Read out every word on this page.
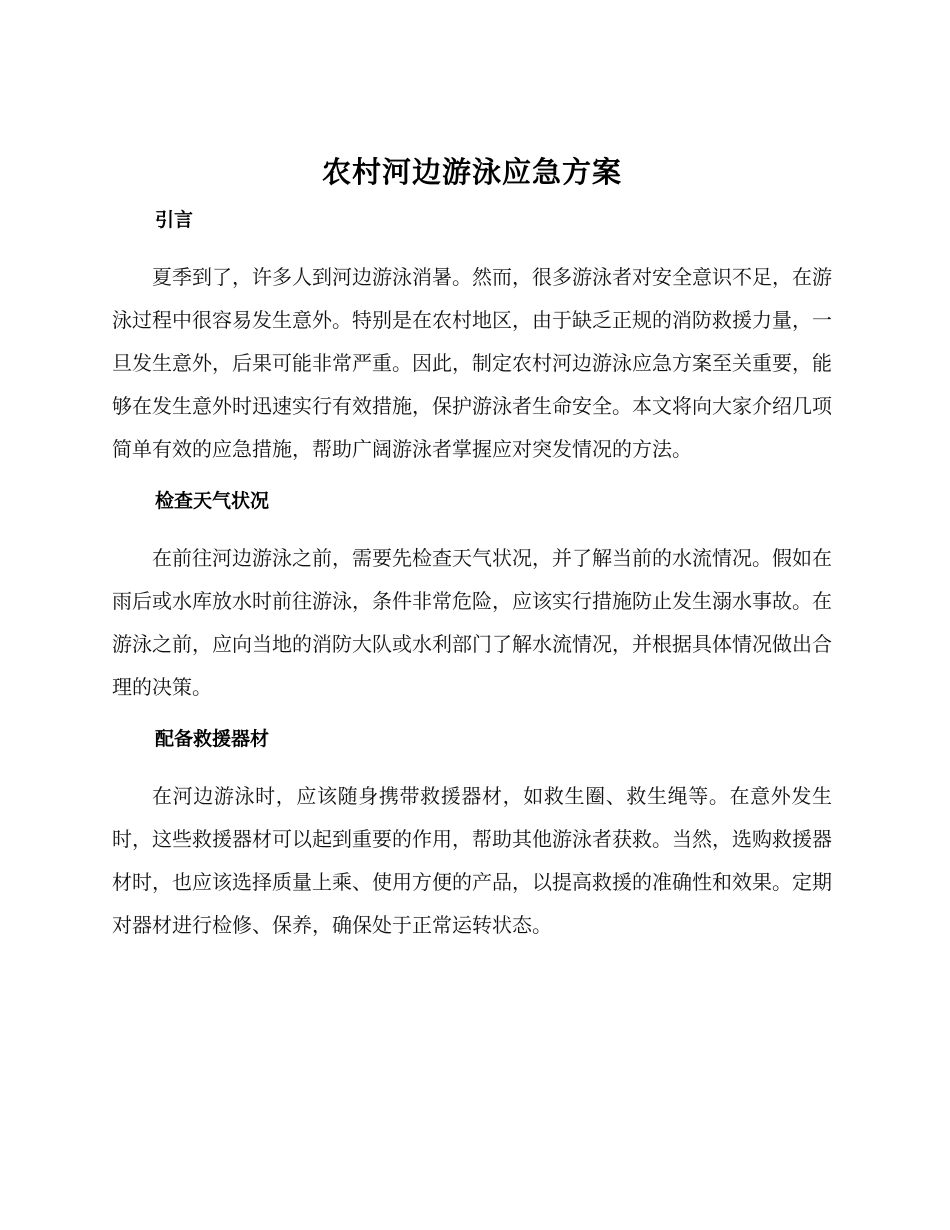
农村河边游泳应急方案
引言

夏季到了，许多人到河边游泳消暑。然而，很多游泳者对安全意识不足，在游泳过程中很容易发生意外。特别是在农村地区，由于缺乏正规的消防救援力量，一旦发生意外，后果可能非常严重。因此，制定农村河边游泳应急方案至关重要，能够在发生意外时迅速实行有效措施，保护游泳者生命安全。本文将向大家介绍几项简单有效的应急措施，帮助广阔游泳者掌握应对突发情况的方法。

检查天气状况

在前往河边游泳之前，需要先检查天气状况，并了解当前的水流情况。假如在雨后或水库放水时前往游泳，条件非常危险，应该实行措施防止发生溺水事故。在游泳之前，应向当地的消防大队或水利部门了解水流情况，并根据具体情况做出合理的决策。

配备救援器材

在河边游泳时，应该随身携带救援器材，如救生圈、救生绳等。在意外发生时，这些救援器材可以起到重要的作用，帮助其他游泳者获救。当然，选购救援器材时，也应该选择质量上乘、使用方便的产品，以提高救援的准确性和效果。定期对器材进行检修、保养，确保处于正常运转状态。
